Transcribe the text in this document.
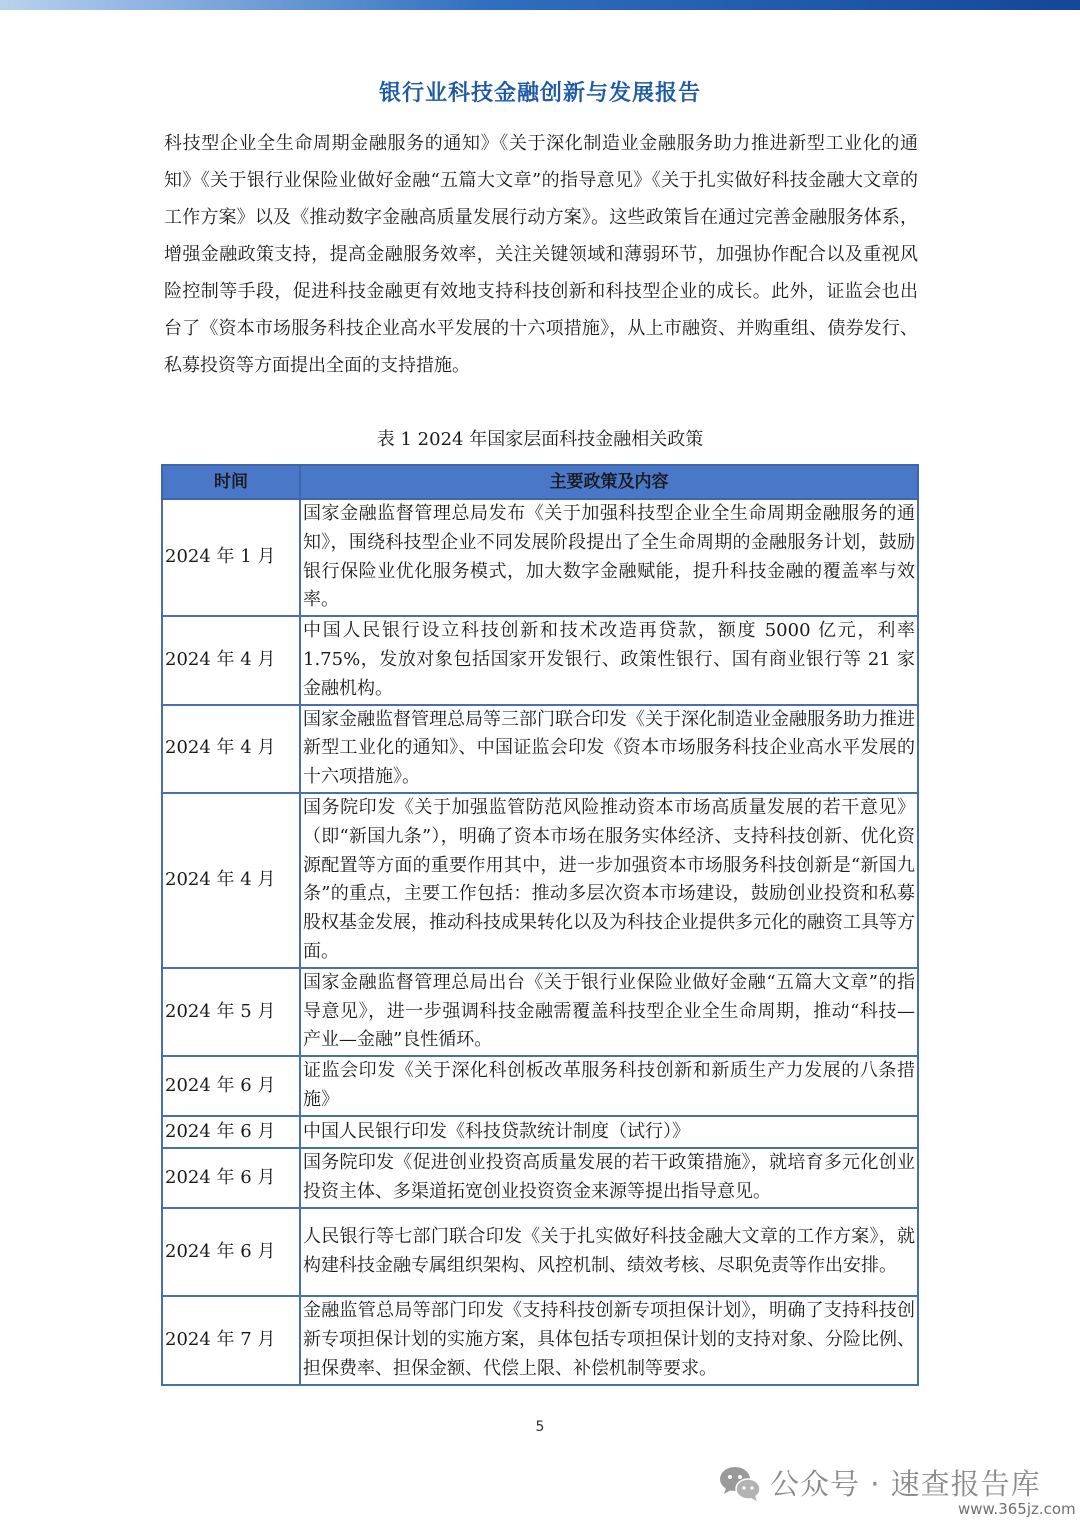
银行业科技金融创新与发展报告
科技型企业全生命周期金融服务的通知》《关于深化制造业金融服务助力推进新型工业化的通知》《关于银行业保险业做好金融“五篇大文章”的指导意见》《关于扎实做好科技金融大文章的工作方案》以及《推动数字金融高质量发展行动方案》。这些政策旨在通过完善金融服务体系，增强金融政策支持，提高金融服务效率，关注关键领域和薄弱环节，加强协作配合以及重视风险控制等手段，促进科技金融更有效地支持科技创新和科技型企业的成长。此外，证监会也出台了《资本市场服务科技企业高水平发展的十六项措施》，从上市融资、并购重组、债券发行、私募投资等方面提出全面的支持措施。
表 1 2024 年国家层面科技金融相关政策
时间	主要政策及内容
2024 年 1 月	国家金融监督管理总局发布《关于加强科技型企业全生命周期金融服务的通知》，围绕科技型企业不同发展阶段提出了全生命周期的金融服务计划，鼓励银行保险业优化服务模式，加大数字金融赋能，提升科技金融的覆盖率与效率。
2024 年 4 月	中国人民银行设立科技创新和技术改造再贷款，额度 5000 亿元，利率 1.75%，发放对象包括国家开发银行、政策性银行、国有商业银行等 21 家金融机构。
2024 年 4 月	国家金融监督管理总局等三部门联合印发《关于深化制造业金融服务助力推进新型工业化的通知》、中国证监会印发《资本市场服务科技企业高水平发展的十六项措施》。
2024 年 4 月	国务院印发《关于加强监管防范风险推动资本市场高质量发展的若干意见》（即“新国九条”），明确了资本市场在服务实体经济、支持科技创新、优化资源配置等方面的重要作用其中，进一步加强资本市场服务科技创新是“新国九条”的重点，主要工作包括：推动多层次资本市场建设，鼓励创业投资和私募股权基金发展，推动科技成果转化以及为科技企业提供多元化的融资工具等方面。
2024 年 5 月	国家金融监督管理总局出台《关于银行业保险业做好金融“五篇大文章”的指导意见》，进一步强调科技金融需覆盖科技型企业全生命周期，推动“科技—产业—金融”良性循环。
2024 年 6 月	证监会印发《关于深化科创板改革服务科技创新和新质生产力发展的八条措施》
2024 年 6 月	中国人民银行印发《科技贷款统计制度（试行）》
2024 年 6 月	国务院印发《促进创业投资高质量发展的若干政策措施》，就培育多元化创业投资主体、多渠道拓宽创业投资资金来源等提出指导意见。
2024 年 6 月	人民银行等七部门联合印发《关于扎实做好科技金融大文章的工作方案》，就构建科技金融专属组织架构、风控机制、绩效考核、尽职免责等作出安排。
2024 年 7 月	金融监管总局等部门印发《支持科技创新专项担保计划》，明确了支持科技创新专项担保计划的实施方案，具体包括专项担保计划的支持对象、分险比例、担保费率、担保金额、代偿上限、补偿机制等要求。
5
公众号 · 速查报告库
www.365jz.com
